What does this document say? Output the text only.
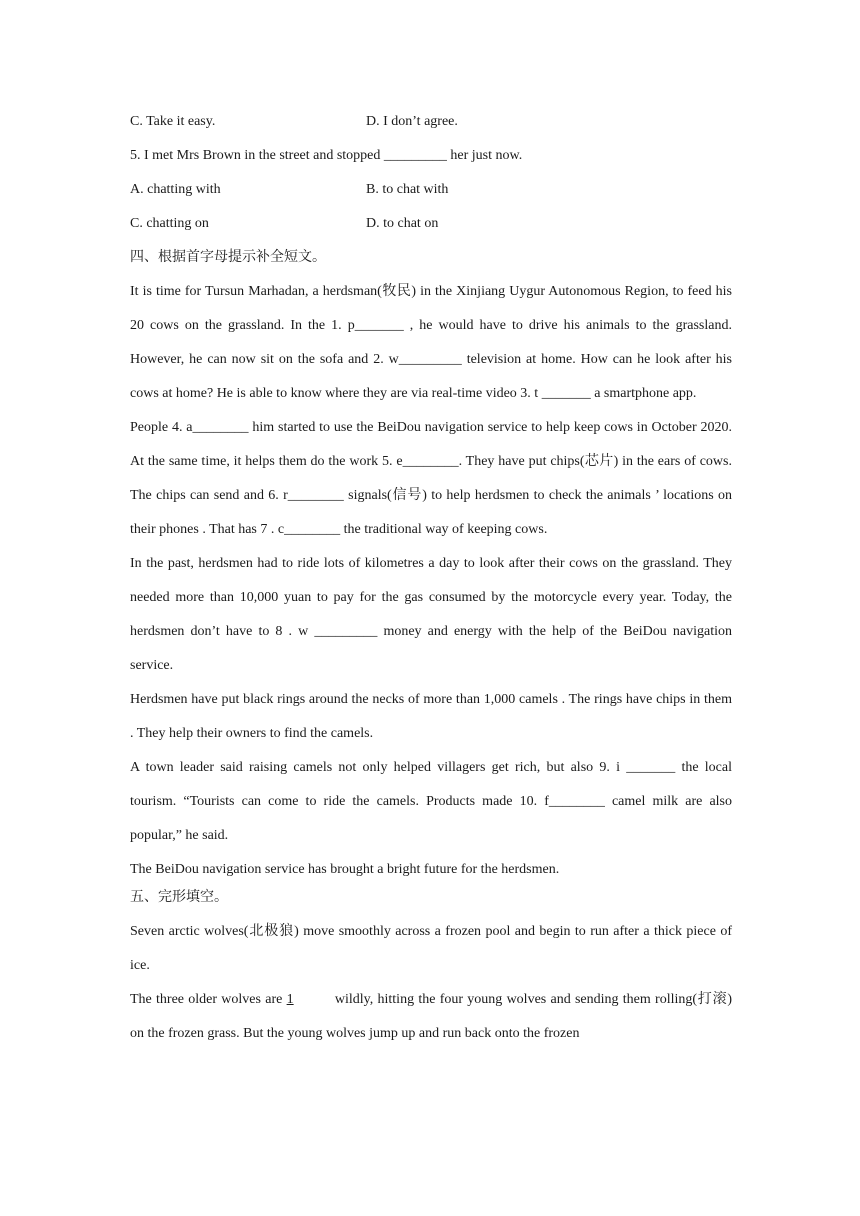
C. Take it easy.	D. I don’t agree.
5. I met Mrs Brown in the street and stopped _________ her just now.
A. chatting with	B. to chat with
C. chatting on	D. to chat on
四、根据首字母提示补全短文。

It is time for Tursun Marhadan, a herdsman(牧民) in the Xinjiang Uygur Autonomous Region, to feed his 20 cows on the grassland. In the 1. p_______ , he would have to drive his animals to the grassland. However, he can now sit on the sofa and 2. w_________ television at home. How can he look after his cows at home? He is able to know where they are via real-time video 3. t _______ a smartphone app.

People 4. a________ him started to use the BeiDou navigation service to help keep cows in October 2020. At the same time, it helps them do the work 5. e________. They have put chips(芯片) in the ears of cows. The chips can send and 6. r________ signals(信号) to help herdsmen to check the animals ’ locations on their phones . That has 7 . c________ the traditional way of keeping cows.

In the past, herdsmen had to ride lots of kilometres a day to look after their cows on the grassland. They needed more than 10,000 yuan to pay for the gas consumed by the motorcycle every year. Today, the herdsmen don’t have to 8 . w _________ money and energy with the help of the BeiDou navigation service.

Herdsmen have put black rings around the necks of more than 1,000 camels . The rings have chips in them . They help their owners to find the camels.

A town leader said raising camels not only helped villagers get rich, but also 9. i _______ the local tourism. “Tourists can come to ride the camels. Products made 10. f________ camel milk are also popular,” he said.

The BeiDou navigation service has brought a bright future for the herdsmen.

五、完形填空。

Seven arctic wolves(北极狼) move smoothly across a frozen pool and begin to run after a thick piece of ice.

The three older wolves are 1	wildly, hitting the four young wolves and sending them rolling(打滚) on the frozen grass. But the young wolves jump up and run back onto the frozen
